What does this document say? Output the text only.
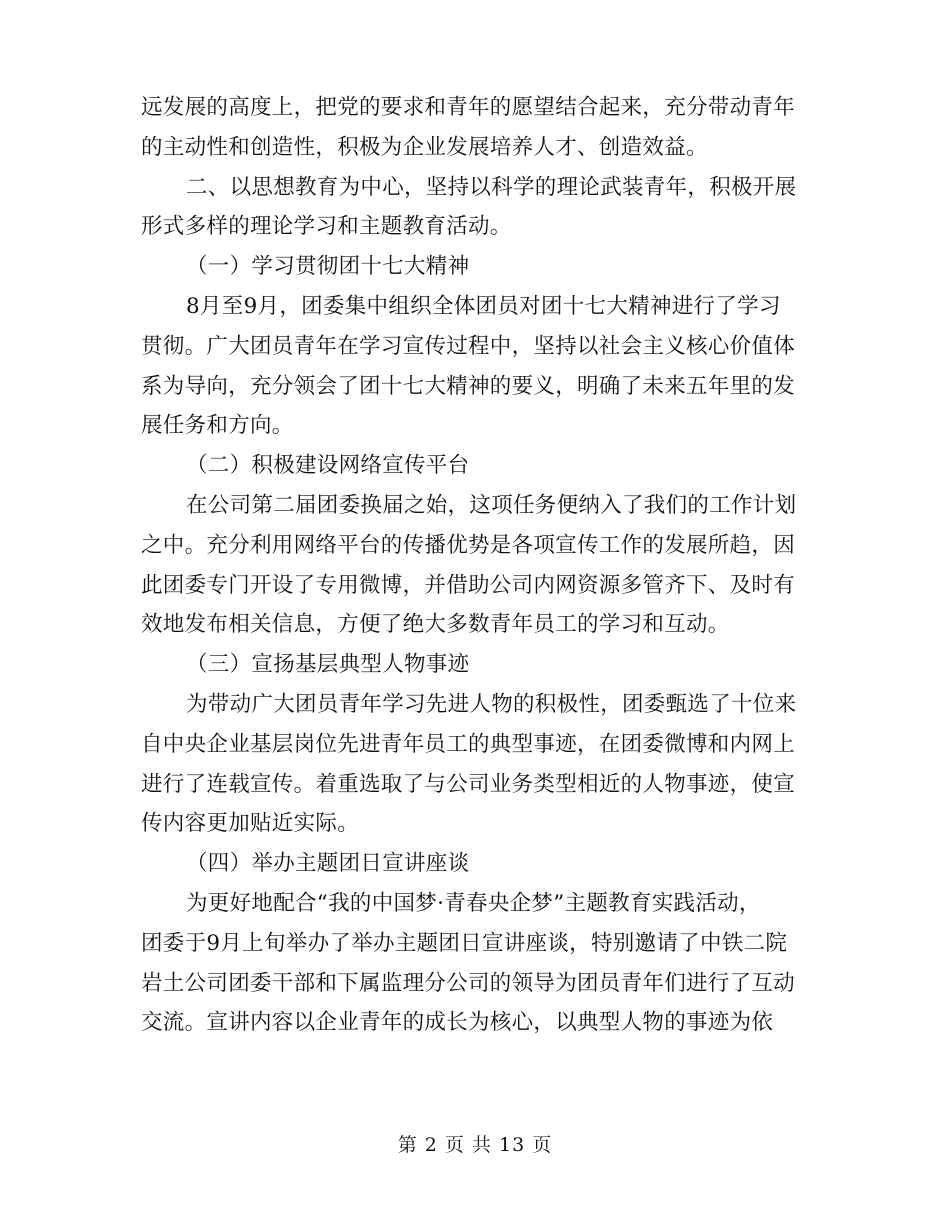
远发展的高度上，把党的要求和青年的愿望结合起来，充分带动青年
的主动性和创造性，积极为企业发展培养人才、创造效益。
二、以思想教育为中心，坚持以科学的理论武装青年，积极开展
形式多样的理论学习和主题教育活动。
（一）学习贯彻团十七大精神
8月至9月，团委集中组织全体团员对团十七大精神进行了学习
贯彻。广大团员青年在学习宣传过程中，坚持以社会主义核心价值体
系为导向，充分领会了团十七大精神的要义，明确了未来五年里的发
展任务和方向。
（二）积极建设网络宣传平台
在公司第二届团委换届之始，这项任务便纳入了我们的工作计划
之中。充分利用网络平台的传播优势是各项宣传工作的发展所趋，因
此团委专门开设了专用微博，并借助公司内网资源多管齐下、及时有
效地发布相关信息，方便了绝大多数青年员工的学习和互动。
（三）宣扬基层典型人物事迹
为带动广大团员青年学习先进人物的积极性，团委甄选了十位来
自中央企业基层岗位先进青年员工的典型事迹，在团委微博和内网上
进行了连载宣传。着重选取了与公司业务类型相近的人物事迹，使宣
传内容更加贴近实际。
（四）举办主题团日宣讲座谈
为更好地配合“我的中国梦·青春央企梦”主题教育实践活动，
团委于9月上旬举办了举办主题团日宣讲座谈，特别邀请了中铁二院
岩土公司团委干部和下属监理分公司的领导为团员青年们进行了互动
交流。宣讲内容以企业青年的成长为核心，以典型人物的事迹为依
第 2 页 共 13 页
